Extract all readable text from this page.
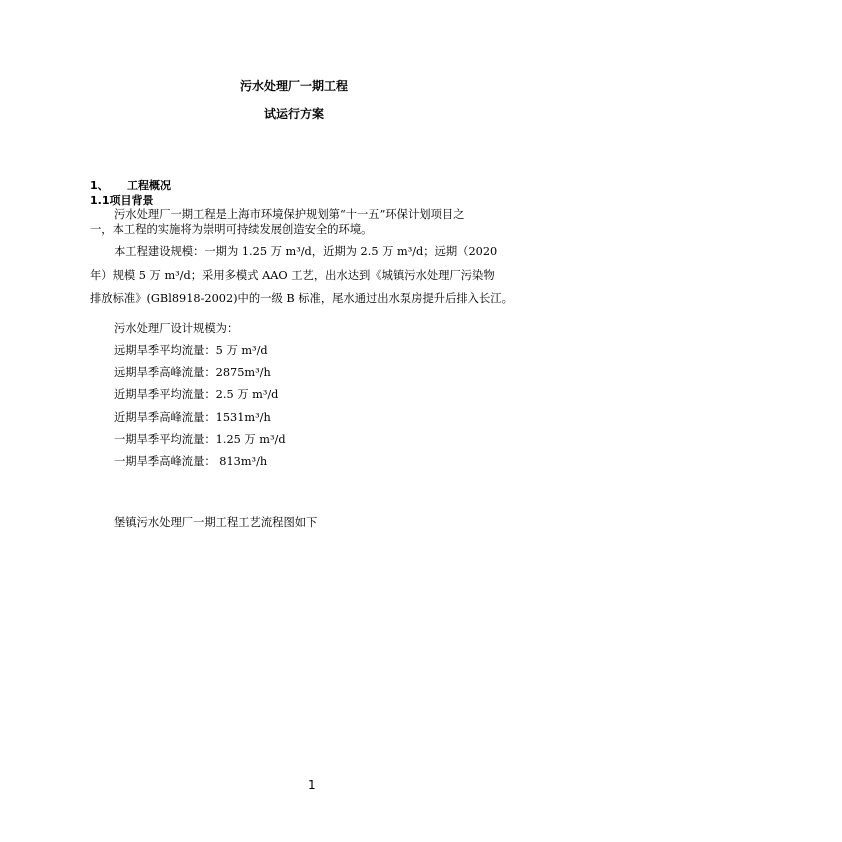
污水处理厂一期工程
试运行方案
1、 工程概况
1.1项目背景
污水处理厂一期工程是上海市环境保护规划第“十一五”环保计划项目之
一，本工程的实施将为崇明可持续发展创造安全的环境。
本工程建设规模：一期为 1.25 万 m³/d，近期为 2.5 万 m³/d；远期（2020
年）规模 5 万 m³/d；采用多模式 AAO 工艺，出水达到《城镇污水处理厂污染物
排放标准》(GBl8918-2002)中的一级 B 标准，尾水通过出水泵房提升后排入长江。
污水处理厂设计规模为：
远期旱季平均流量：5 万 m³/d
远期旱季高峰流量：2875m³/h
近期旱季平均流量：2.5 万 m³/d
近期旱季高峰流量：1531m³/h
一期旱季平均流量：1.25 万 m³/d
一期旱季高峰流量： 813m³/h
堡镇污水处理厂一期工程工艺流程图如下
1
